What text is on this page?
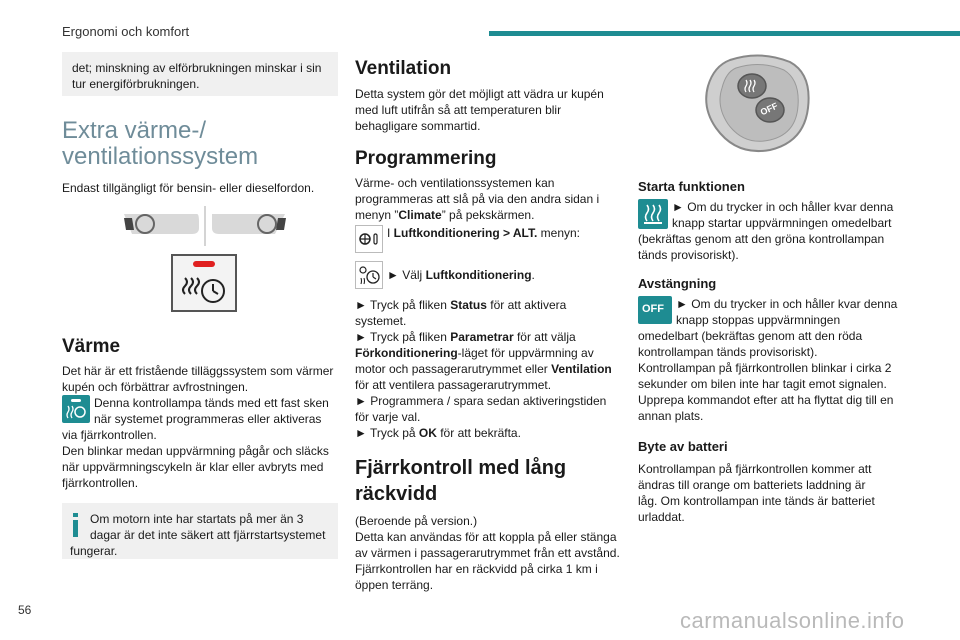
Ergonomi och komfort
det; minskning av elförbrukningen minskar i sin tur energiförbrukningen.
Extra värme-/ ventilationssystem

Endast tillgängligt för bensin- eller dieselfordon.

Värme

Det här är ett fristående tilläggssystem som värmer kupén och förbättrar avfrostningen.

Denna kontrollampa tänds med ett fast sken när systemet programmeras eller aktiveras via fjärrkontrollen.

Den blinkar medan uppvärmning pågår och släcks när uppvärmningscykeln är klar eller avbryts med fjärrkontrollen.

Om motorn inte har startats på mer än 3 dagar är det inte säkert att fjärrstartsystemet fungerar.
Ventilation

Detta system gör det möjligt att vädra ur kupén med luft utifrån så att temperaturen blir behagligare sommartid.

Programmering

Värme- och ventilationssystemen kan programmeras att slå på via den andra sidan i menyn ”Climate” på pekskärmen.

I Luftkonditionering > ALT. menyn:

► Välj Luftkonditionering.

► Tryck på fliken Status för att aktivera systemet.

► Tryck på fliken Parametrar för att välja Förkonditionering-läget för uppvärmning av motor och passagerarutrymmet eller Ventilation för att ventilera passagerarutrymmet.

► Programmera / spara sedan aktiveringstiden för varje val.

► Tryck på OK för att bekräfta.

Fjärrkontroll med lång räckvidd

(Beroende på version.)

Detta kan användas för att koppla på eller stänga av värmen i passagerarutrymmet från ett avstånd.

Fjärrkontrollen har en räckvidd på cirka 1 km i öppen terräng.

OFF
Starta funktionen

► Om du trycker in och håller kvar denna knapp startar uppvärmningen omedelbart (bekräftas genom att den gröna kontrollampan tänds provisoriskt).

Avstängning
OFF	► Om du trycker in och håller kvar denna knapp stoppas uppvärmningen omedelbart (bekräftas genom att den röda kontrollampan tänds provisoriskt).

Kontrollampan på fjärrkontrollen blinkar i cirka 2 sekunder om bilen inte har tagit emot signalen.

Upprepa kommandot efter att ha flyttat dig till en annan plats.

Byte av batteri

Kontrollampan på fjärrkontrollen kommer att ändras till orange om batteriets laddning är låg. Om kontrollampan inte tänds är batteriet urladdat.

56	carmanualsonline.info
